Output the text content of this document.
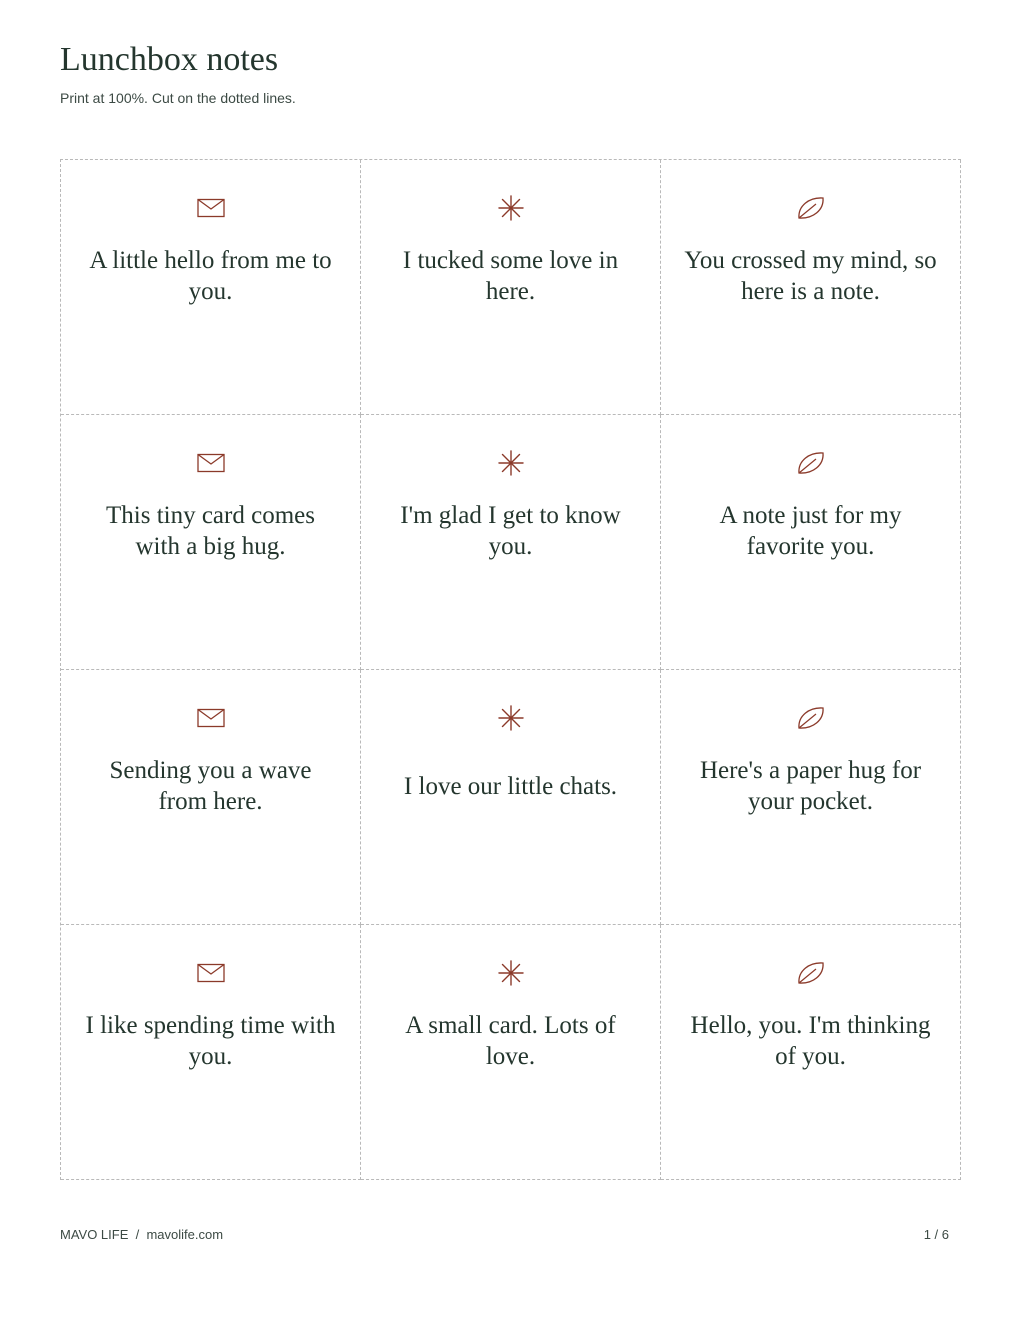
Lunchbox notes
Print at 100%. Cut on the dotted lines.
A little hello from me to you.
I tucked some love in here.
You crossed my mind, so here is a note.
This tiny card comes with a big hug.
I'm glad I get to know you.
A note just for my favorite you.
Sending you a wave from here.
I love our little chats.
Here's a paper hug for your pocket.
I like spending time with you.
A small card. Lots of love.
Hello, you. I'm thinking of you.
MAVO LIFE  /  mavolife.com	1 / 6
